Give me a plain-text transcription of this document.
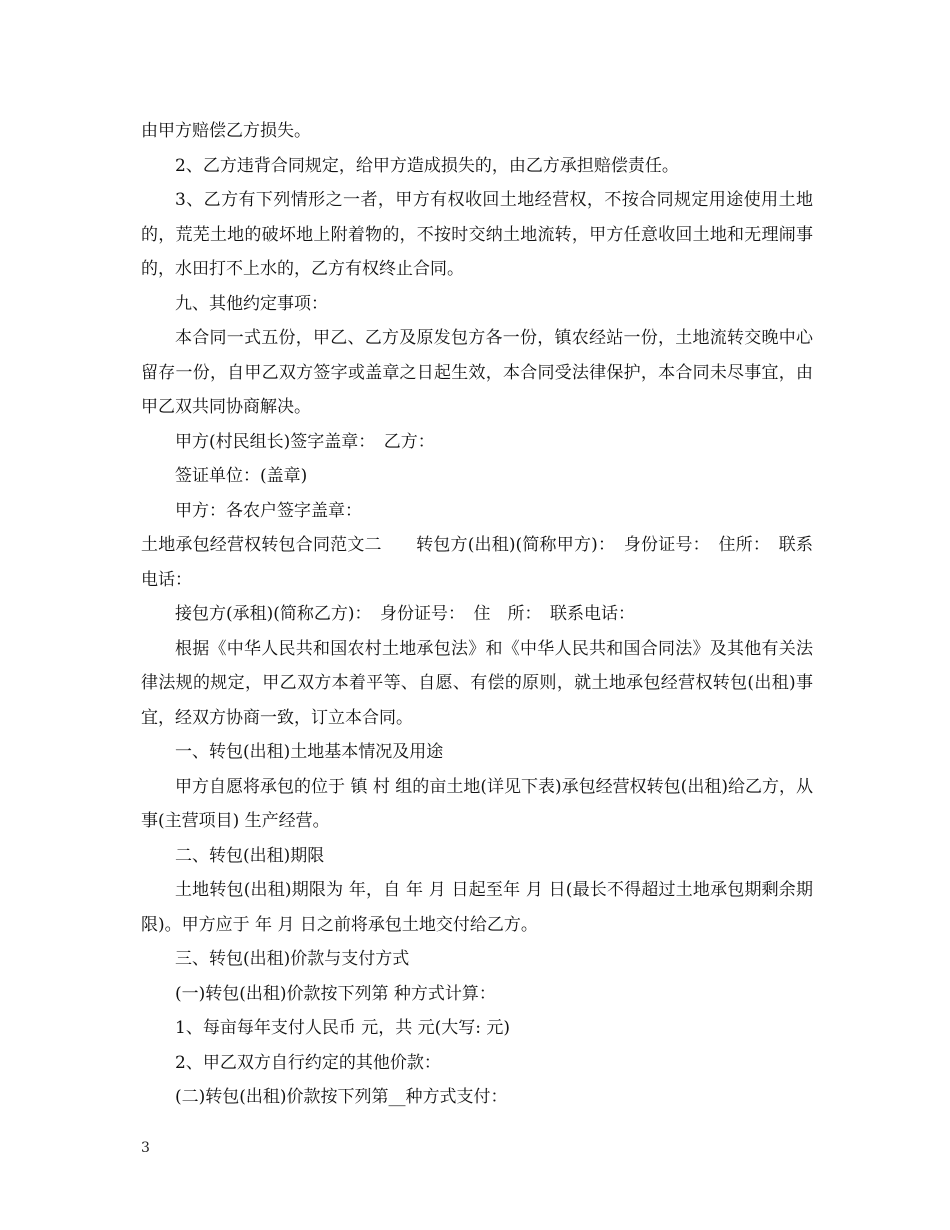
由甲方赔偿乙方损失。

2、乙方违背合同规定，给甲方造成损失的，由乙方承担赔偿责任。

3、乙方有下列情形之一者，甲方有权收回土地经营权，不按合同规定用途使用土地的，荒芜土地的破坏地上附着物的，不按时交纳土地流转，甲方任意收回土地和无理闹事的，水田打不上水的，乙方有权终止合同。

九、其他约定事项：

本合同一式五份，甲乙、乙方及原发包方各一份，镇农经站一份，土地流转交晚中心留存一份，自甲乙双方签字或盖章之日起生效，本合同受法律保护，本合同未尽事宜，由甲乙双共同协商解决。

甲方(村民组长)签字盖章：　乙方：

签证单位：(盖章)

甲方：各农户签字盖章：

土地承包经营权转包合同范文二　　转包方(出租)(简称甲方)：　身份证号：　住所：　联系电话：

接包方(承租)(简称乙方)：　身份证号：　住　所：　联系电话：

根据《中华人民共和国农村土地承包法》和《中华人民共和国合同法》及其他有关法律法规的规定，甲乙双方本着平等、自愿、有偿的原则，就土地承包经营权转包(出租)事宜，经双方协商一致，订立本合同。

一、转包(出租)土地基本情况及用途

甲方自愿将承包的位于 镇 村 组的亩土地(详见下表)承包经营权转包(出租)给乙方，从事(主营项目) 生产经营。

二、转包(出租)期限

土地转包(出租)期限为 年，自 年 月 日起至年 月 日(最长不得超过土地承包期剩余期限)。甲方应于 年 月 日之前将承包土地交付给乙方。

三、转包(出租)价款与支付方式

(一)转包(出租)价款按下列第 种方式计算：

1、每亩每年支付人民币 元，共 元(大写: 元)

2、甲乙双方自行约定的其他价款：

(二)转包(出租)价款按下列第__种方式支付：

3
